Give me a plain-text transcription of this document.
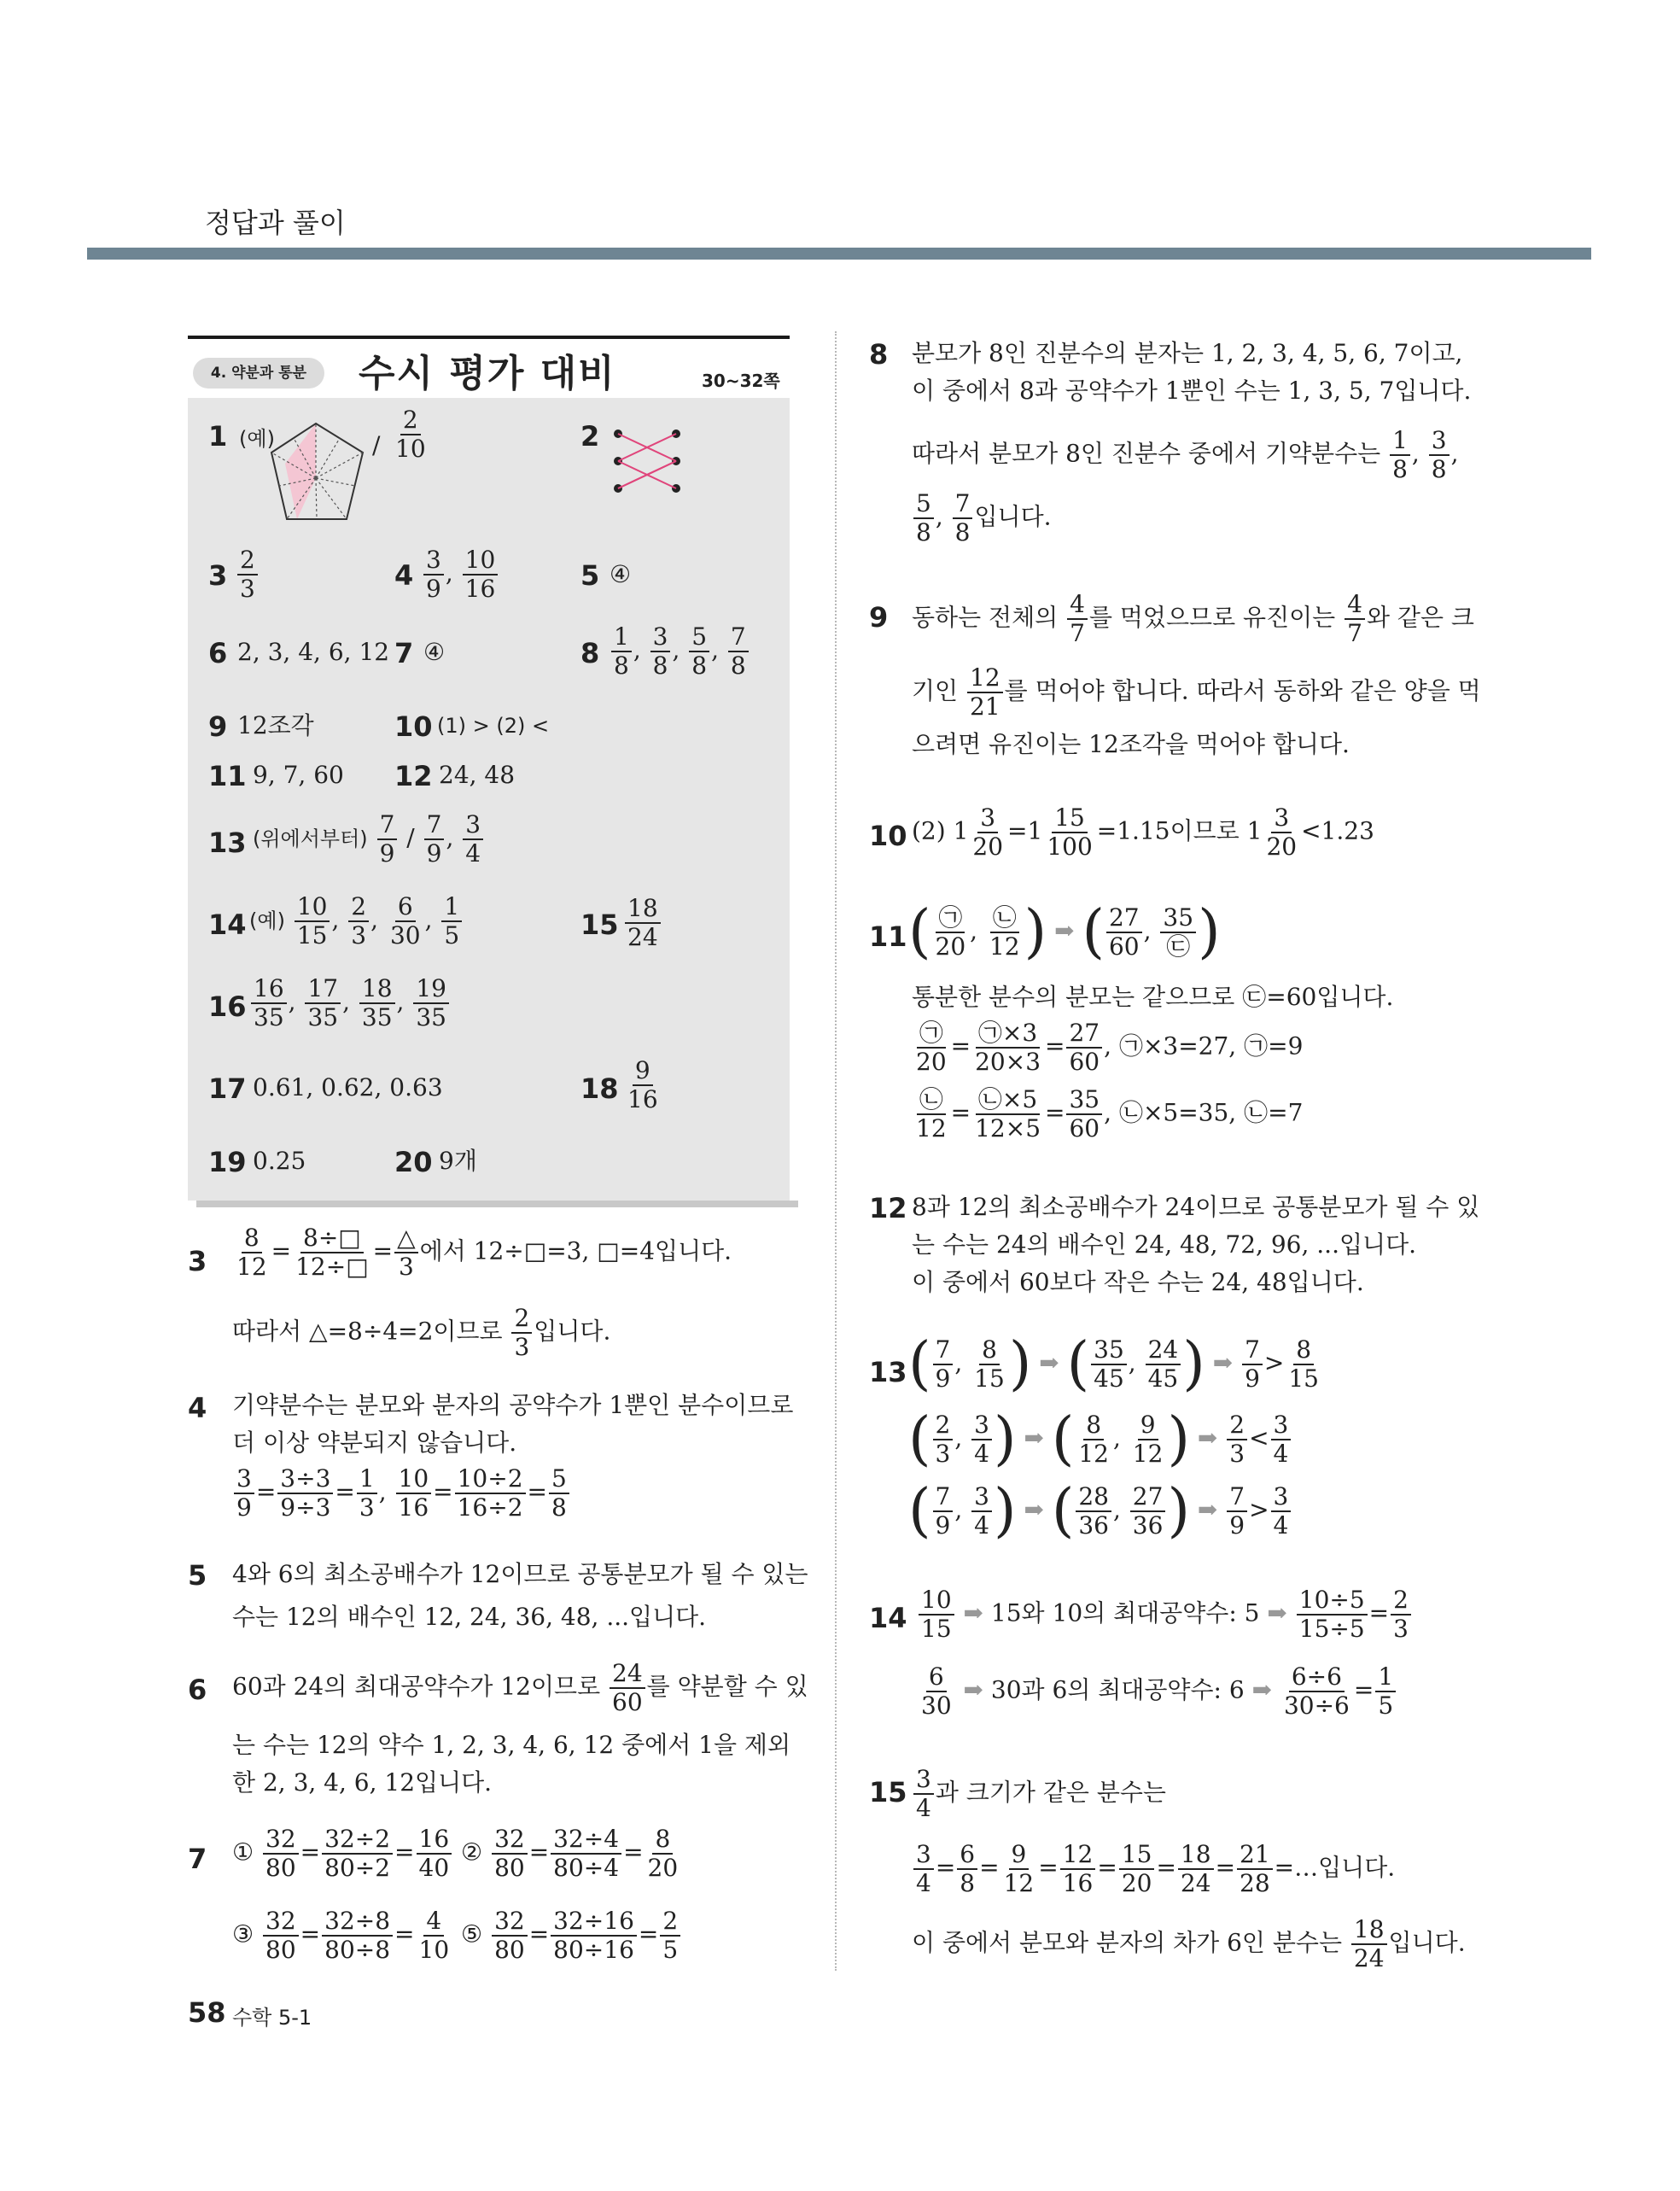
정답과 풀이
4. 약분과 통분	수시 평가 대비	30~32쪽
1 (예)	/ $\frac{2}{10}$	2
$3 \frac{2}{3}$	$4 \frac{3}{9}$ , $\frac{10}{16}$	5 ④
6 2, 3, 4, 6, 12 7 ④	$8 \frac{1}{8}$ , $\frac{3}{8}$ , $\frac{5}{8}$ , $\frac{7}{8}$
9 12조각	10 (1) > (2) <
11 9, 7, 60 12 24, 48
13 (위에서부터) $\frac{7}{9} / \frac{7}{9}$ , $\frac{3}{4}$
14 (예) $\frac{10}{15}$ , $\frac{2}{3}$ , $\frac{6}{30}$ , $\frac{1}{5}$	$15 \frac{18}{24}$
$16 \frac{16}{35}$ , $\frac{17}{35}$ , $\frac{18}{35}$ , $\frac{19}{35}$
17 0.61, 0.62, 0.63	$18 \frac{9}{16}$
19 0.25	20 9개
$3 \frac{8}{12} = \frac{8\div□}{12\div□} = \frac{\triangle}{3}$ 에서 12÷□=3, □=4입니다.
따라서 △=8÷4=2이므로 $\frac{2}{3}$ 입니다.
4 기약분수는 분모와 분자의 공약수가 1뿐인 분수이므로
더 이상 약분되지 않습니다.
$\frac{3}{9} = \frac{3\div 3}{9\div 3} = \frac{1}{3}$ , $\frac{10}{16} = \frac{10\div 2}{16\div 2} = \frac{5}{8}$
5 4와 6의 최소공배수가 12이므로 공통분모가 될 수 있는
수는 12의 배수인 12, 24, 36, 48, ...입니다.
6 60과 24의 최대공약수가 12이므로 $\frac{24}{60}$ 를 약분할 수 있
는 수는 12의 약수 1, 2, 3, 4, 6, 12 중에서 1을 제외
한 2, 3, 4, 6, 12입니다.
7 ① $\frac{32}{80} = \frac{32\div 2}{80\div 2} = \frac{16}{40}$ ② $\frac{32}{80} = \frac{32\div 4}{80\div 4} = \frac{8}{20}$
③ $\frac{32}{80} = \frac{32\div 8}{80\div 8} = \frac{4}{10}$ ⑤ $\frac{32}{80} = \frac{32\div 16}{80\div 16} = \frac{2}{5}$
8 분모가 8인 진분수의 분자는 1, 2, 3, 4, 5, 6, 7이고,
이 중에서 8과 공약수가 1뿐인 수는 1, 3, 5, 7입니다.
따라서 분모가 8인 진분수 중에서 기약분수는 $\frac{1}{8}$ , $\frac{3}{8}$ ,
$\frac{5}{8}$ , $\frac{7}{8}$ 입니다.
9 동하는 전체의 $\frac{4}{7}$ 를 먹었으므로 유진이는 $\frac{4}{7}$ 와 같은 크
기인 $\frac{12}{21}$ 를 먹어야 합니다. 따라서 동하와 같은 양을 먹
으려면 유진이는 12조각을 먹어야 합니다.
10 (2) $1 \frac{3}{20} =1 \frac{15}{100} =1.15$이므로 $1 \frac{3}{20} <1.23$
11 ( $\frac{㉠}{20}$ , $\frac{㉡}{12}$ ) ➡ ( $\frac{27}{60}$ , $\frac{35}{㉢}$ )
통분한 분수의 분모는 같으므로 ㉢=60입니다.
$\frac{㉠}{20} = \frac{㉠\times 3}{20\times 3} = \frac{27}{60}$ , ㉠×3=27, ㉠=9
$\frac{㉡}{12} = \frac{㉡\times 5}{12\times 5} = \frac{35}{60}$ , ㉡×5=35, ㉡=7
12 8과 12의 최소공배수가 24이므로 공통분모가 될 수 있
는 수는 24의 배수인 24, 48, 72, 96, ...입니다.
이 중에서 60보다 작은 수는 24, 48입니다.
13 ( $\frac{7}{9}$ , $\frac{8}{15}$ ) ➡ ( $\frac{35}{45}$ , $\frac{24}{45}$ ) ➡ $\frac{7}{9} > \frac{8}{15}$
( $\frac{2}{3}$ , $\frac{3}{4}$ ) ➡ ( $\frac{8}{12}$ , $\frac{9}{12}$ ) ➡ $\frac{2}{3} < \frac{3}{4}$
( $\frac{7}{9}$ , $\frac{3}{4}$ ) ➡ ( $\frac{28}{36}$ , $\frac{27}{36}$ ) ➡ $\frac{7}{9} > \frac{3}{4}$
$14 \frac{10}{15}$ ➡ 15와 10의 최대공약수: 5 ➡ $\frac{10\div 5}{15\div 5} = \frac{2}{3}$
$\frac{6}{30}$ ➡ 30과 6의 최대공약수: 6 ➡ $\frac{6\div 6}{30\div 6} = \frac{1}{5}$
$15 \frac{3}{4}$ 과 크기가 같은 분수는
$\frac{3}{4} = \frac{6}{8} = \frac{9}{12} = \frac{12}{16} = \frac{15}{20} = \frac{18}{24} = \frac{21}{28}$ =…입니다.
이 중에서 분모와 분자의 차가 6인 분수는 $\frac{18}{24}$ 입니다.
58 수학 5-1
